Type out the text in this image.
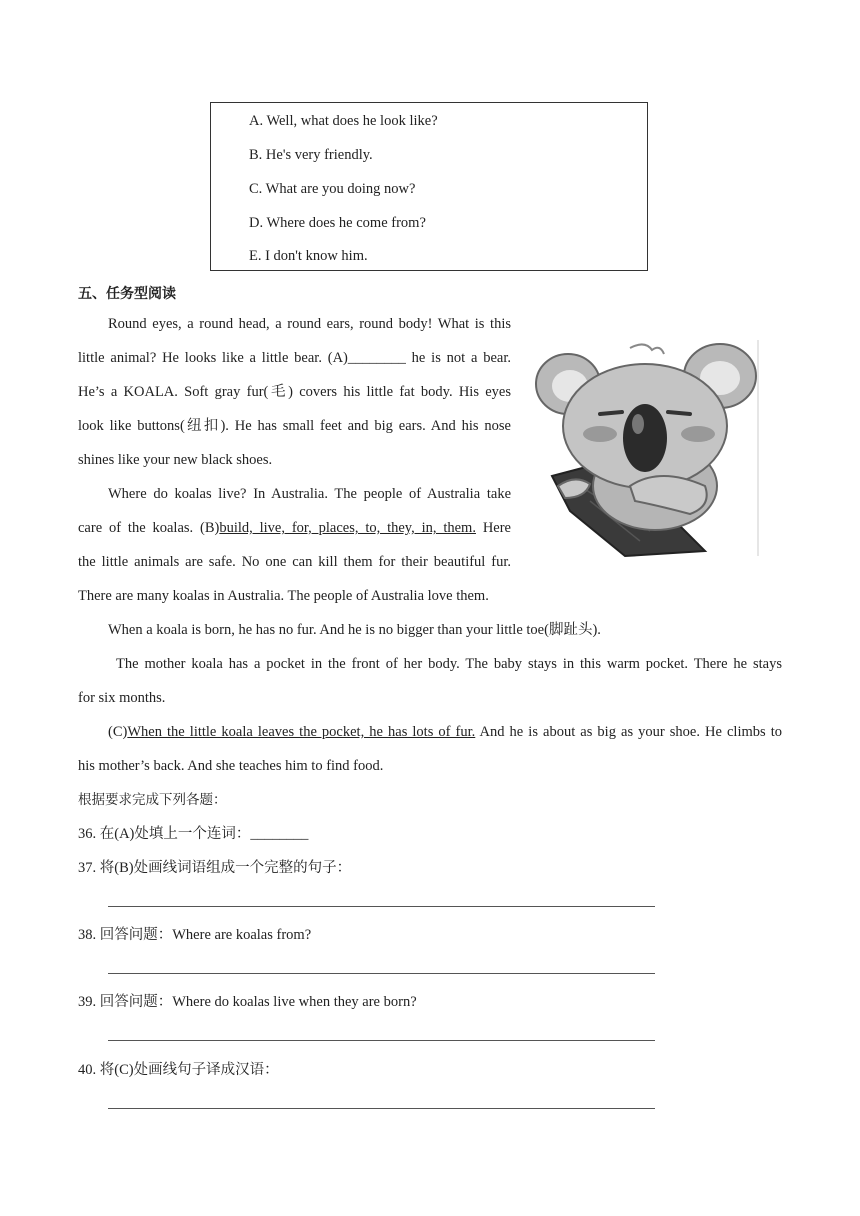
A. Well, what does he look like?
B. He's very friendly.
C. What are you doing now?
D. Where does he come from?
E. I don't know him.
五、任务型阅读
Round eyes, a round head, a round ears, round body! What is this
little animal? He looks like a little bear. (A)________ he is not a bear.
He’s a KOALA. Soft gray fur(毛) covers his little fat body. His eyes
look like buttons(纽扣). He has small feet and big ears. And his nose
shines like your new black shoes.
Where do koalas live? In Australia. The people of Australia take
care of the koalas. (B)build, live, for, places, to, they, in, them. Here
the little animals are safe. No one can kill them for their beautiful fur.
There are many koalas in Australia. The people of Australia love them.
When a koala is born, he has no fur. And he is no bigger than your little toe(脚趾头).
The mother koala has a pocket in the front of her body. The baby stays in this warm pocket. There he stays
for six months.
(C)When the little koala leaves the pocket, he has lots of fur. And he is about as big as your shoe. He climbs to
his mother’s back. And she teaches him to find food.
根据要求完成下列各题：
36. 在(A)处填上一个连词：________
37. 将(B)处画线词语组成一个完整的句子：
38. 回答问题：Where are koalas from?
39. 回答问题：Where do koalas live when they are born?
40. 将(C)处画线句子译成汉语：
